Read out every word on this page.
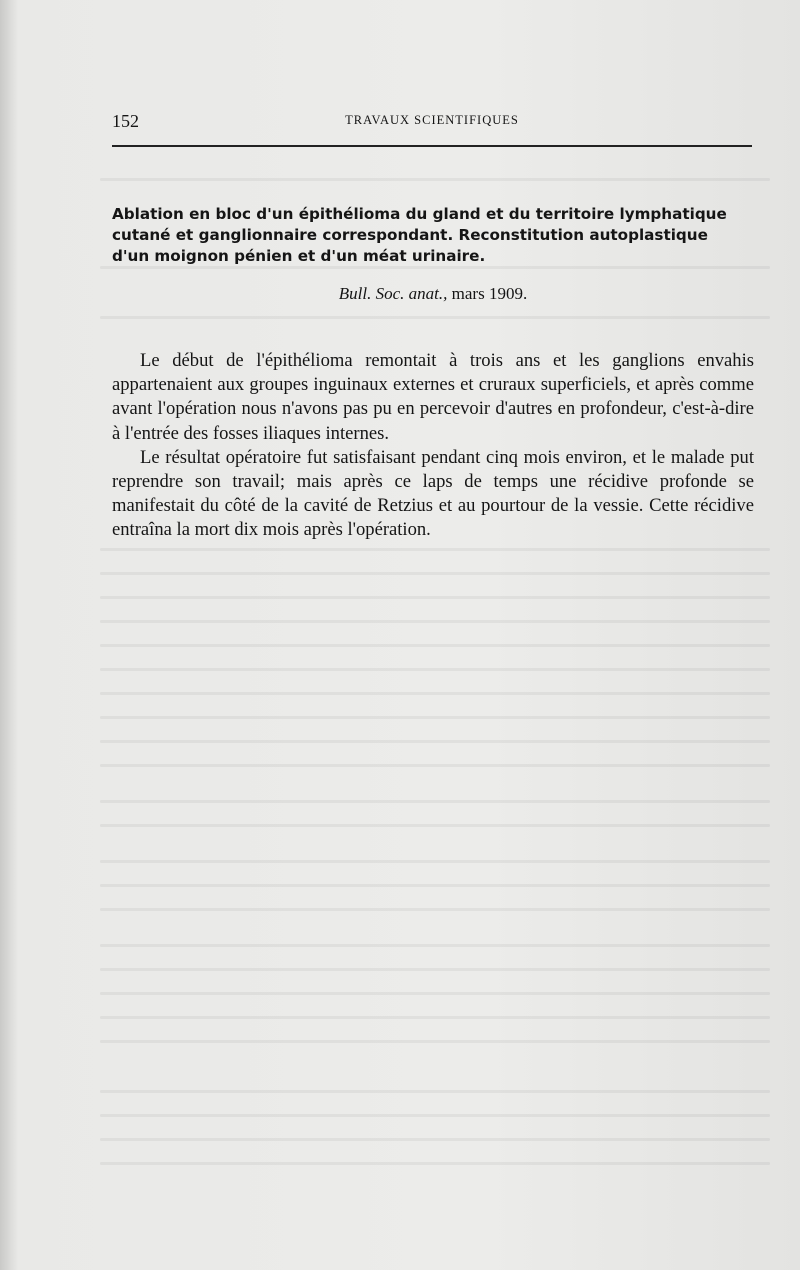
152	TRAVAUX SCIENTIFIQUES
Ablation en bloc d'un épithélioma du gland et du territoire lymphatique
cutané et ganglionnaire correspondant. Reconstitution autoplastique
d'un moignon pénien et d'un méat urinaire.
Bull. Soc. anat., mars 1909.

Le début de l'épithélioma remontait à trois ans et les ganglions envahis appartenaient aux groupes inguinaux externes et cruraux superficiels, et après comme avant l'opération nous n'avons pas pu en percevoir d'autres en profondeur, c'est-à-dire à l'entrée des fosses iliaques internes.

Le résultat opératoire fut satisfaisant pendant cinq mois environ, et le malade put reprendre son travail; mais après ce laps de temps une récidive profonde se manifestait du côté de la cavité de Retzius et au pourtour de la vessie. Cette récidive entraîna la mort dix mois après l'opération.
